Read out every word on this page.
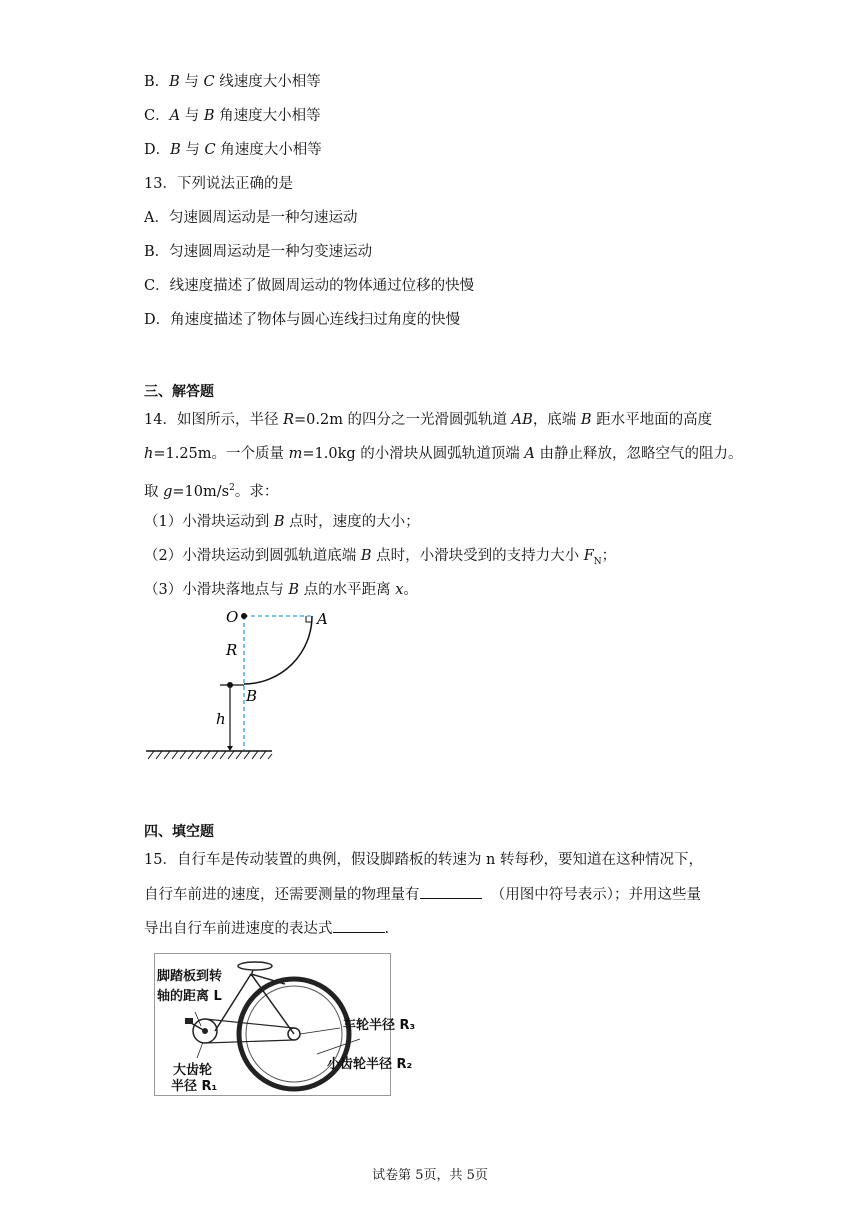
B．B 与 C 线速度大小相等
C．A 与 B 角速度大小相等
D．B 与 C 角速度大小相等
13．下列说法正确的是
A．匀速圆周运动是一种匀速运动
B．匀速圆周运动是一种匀变速运动
C．线速度描述了做圆周运动的物体通过位移的快慢
D．角速度描述了物体与圆心连线扫过角度的快慢
三、解答题
14．如图所示，半径 R=0.2m 的四分之一光滑圆弧轨道 AB，底端 B 距水平地面的高度
h=1.25m。一个质量 m=1.0kg 的小滑块从圆弧轨道顶端 A 由静止释放，忽略空气的阻力。
取 $g=10m/s^2$。求：
（1）小滑块运动到 B 点时，速度的大小；
（2）小滑块运动到圆弧轨道底端 B 点时，小滑块受到的支持力大小 $F_N$；
（3）小滑块落地点与 B 点的水平距离 x。
O	A
R
B
h
四、填空题
15．自行车是传动装置的典例，假设脚踏板的转速为 n 转每秒，要知道在这种情况下，
自行车前进的速度，还需要测量的物理量有	（用图中符号表示）；并用这些量
导出自行车前进速度的表达式	.
脚踏板到转
轴的距离 L
车轮半径 R₃
小齿轮半径 R₂
大齿轮
半径 R₁
试卷第 5页，共 5页
